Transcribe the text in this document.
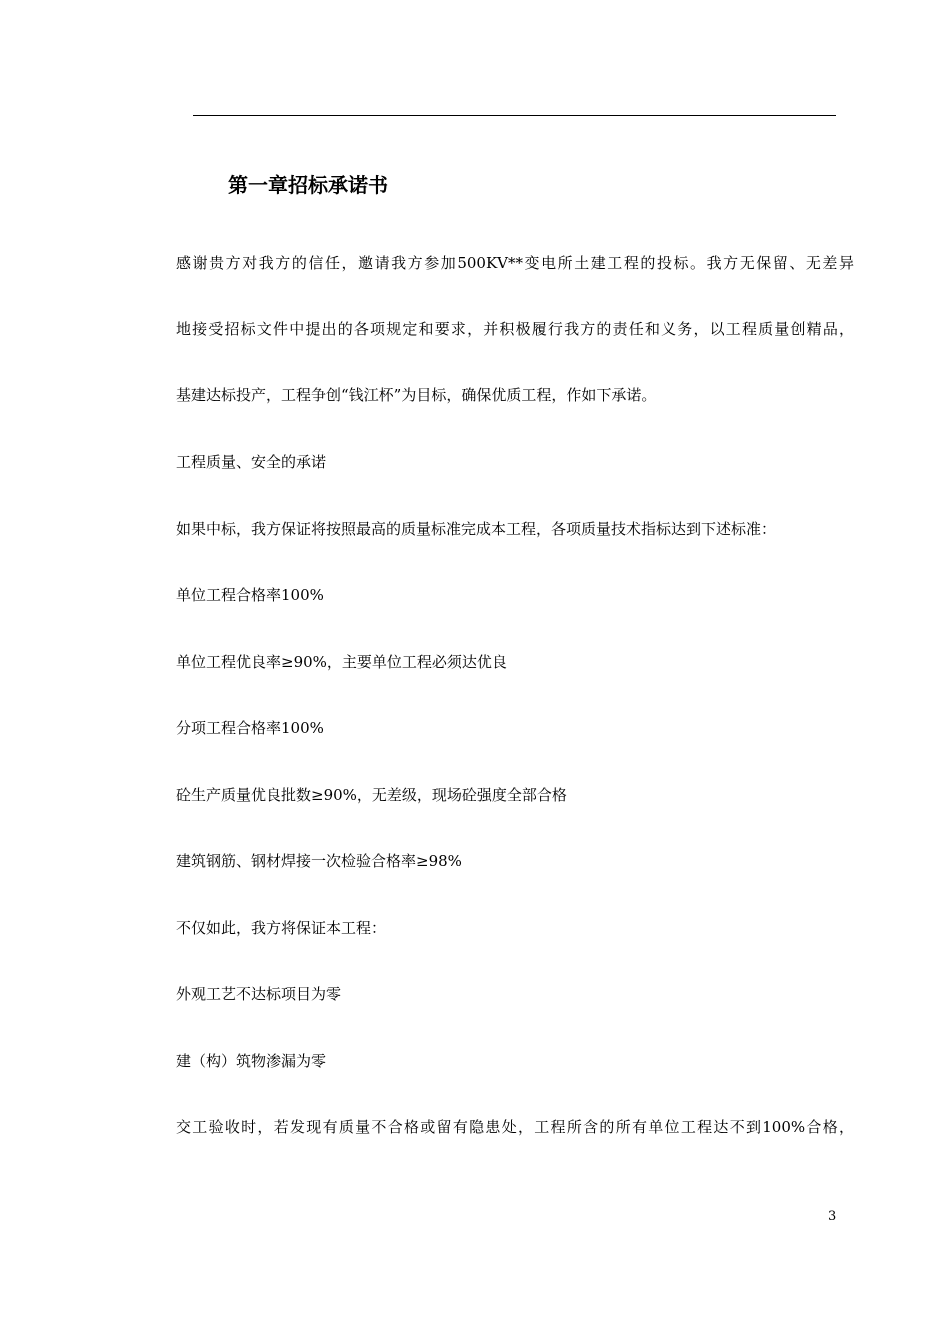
第一章招标承诺书
感谢贵方对我方的信任，邀请我方参加500KV**变电所土建工程的投标。我方无保留、无差异
地接受招标文件中提出的各项规定和要求，并积极履行我方的责任和义务，以工程质量创精品，
基建达标投产，工程争创“钱江杯”为目标，确保优质工程，作如下承诺。
工程质量、安全的承诺
如果中标，我方保证将按照最高的质量标准完成本工程，各项质量技术指标达到下述标准：
单位工程合格率100%
单位工程优良率≥90%，主要单位工程必须达优良
分项工程合格率100%
砼生产质量优良批数≥90%，无差级，现场砼强度全部合格
建筑钢筋、钢材焊接一次检验合格率≥98%
不仅如此，我方将保证本工程：
外观工艺不达标项目为零
建（构）筑物渗漏为零
交工验收时，若发现有质量不合格或留有隐患处，工程所含的所有单位工程达不到100%合格，
3
